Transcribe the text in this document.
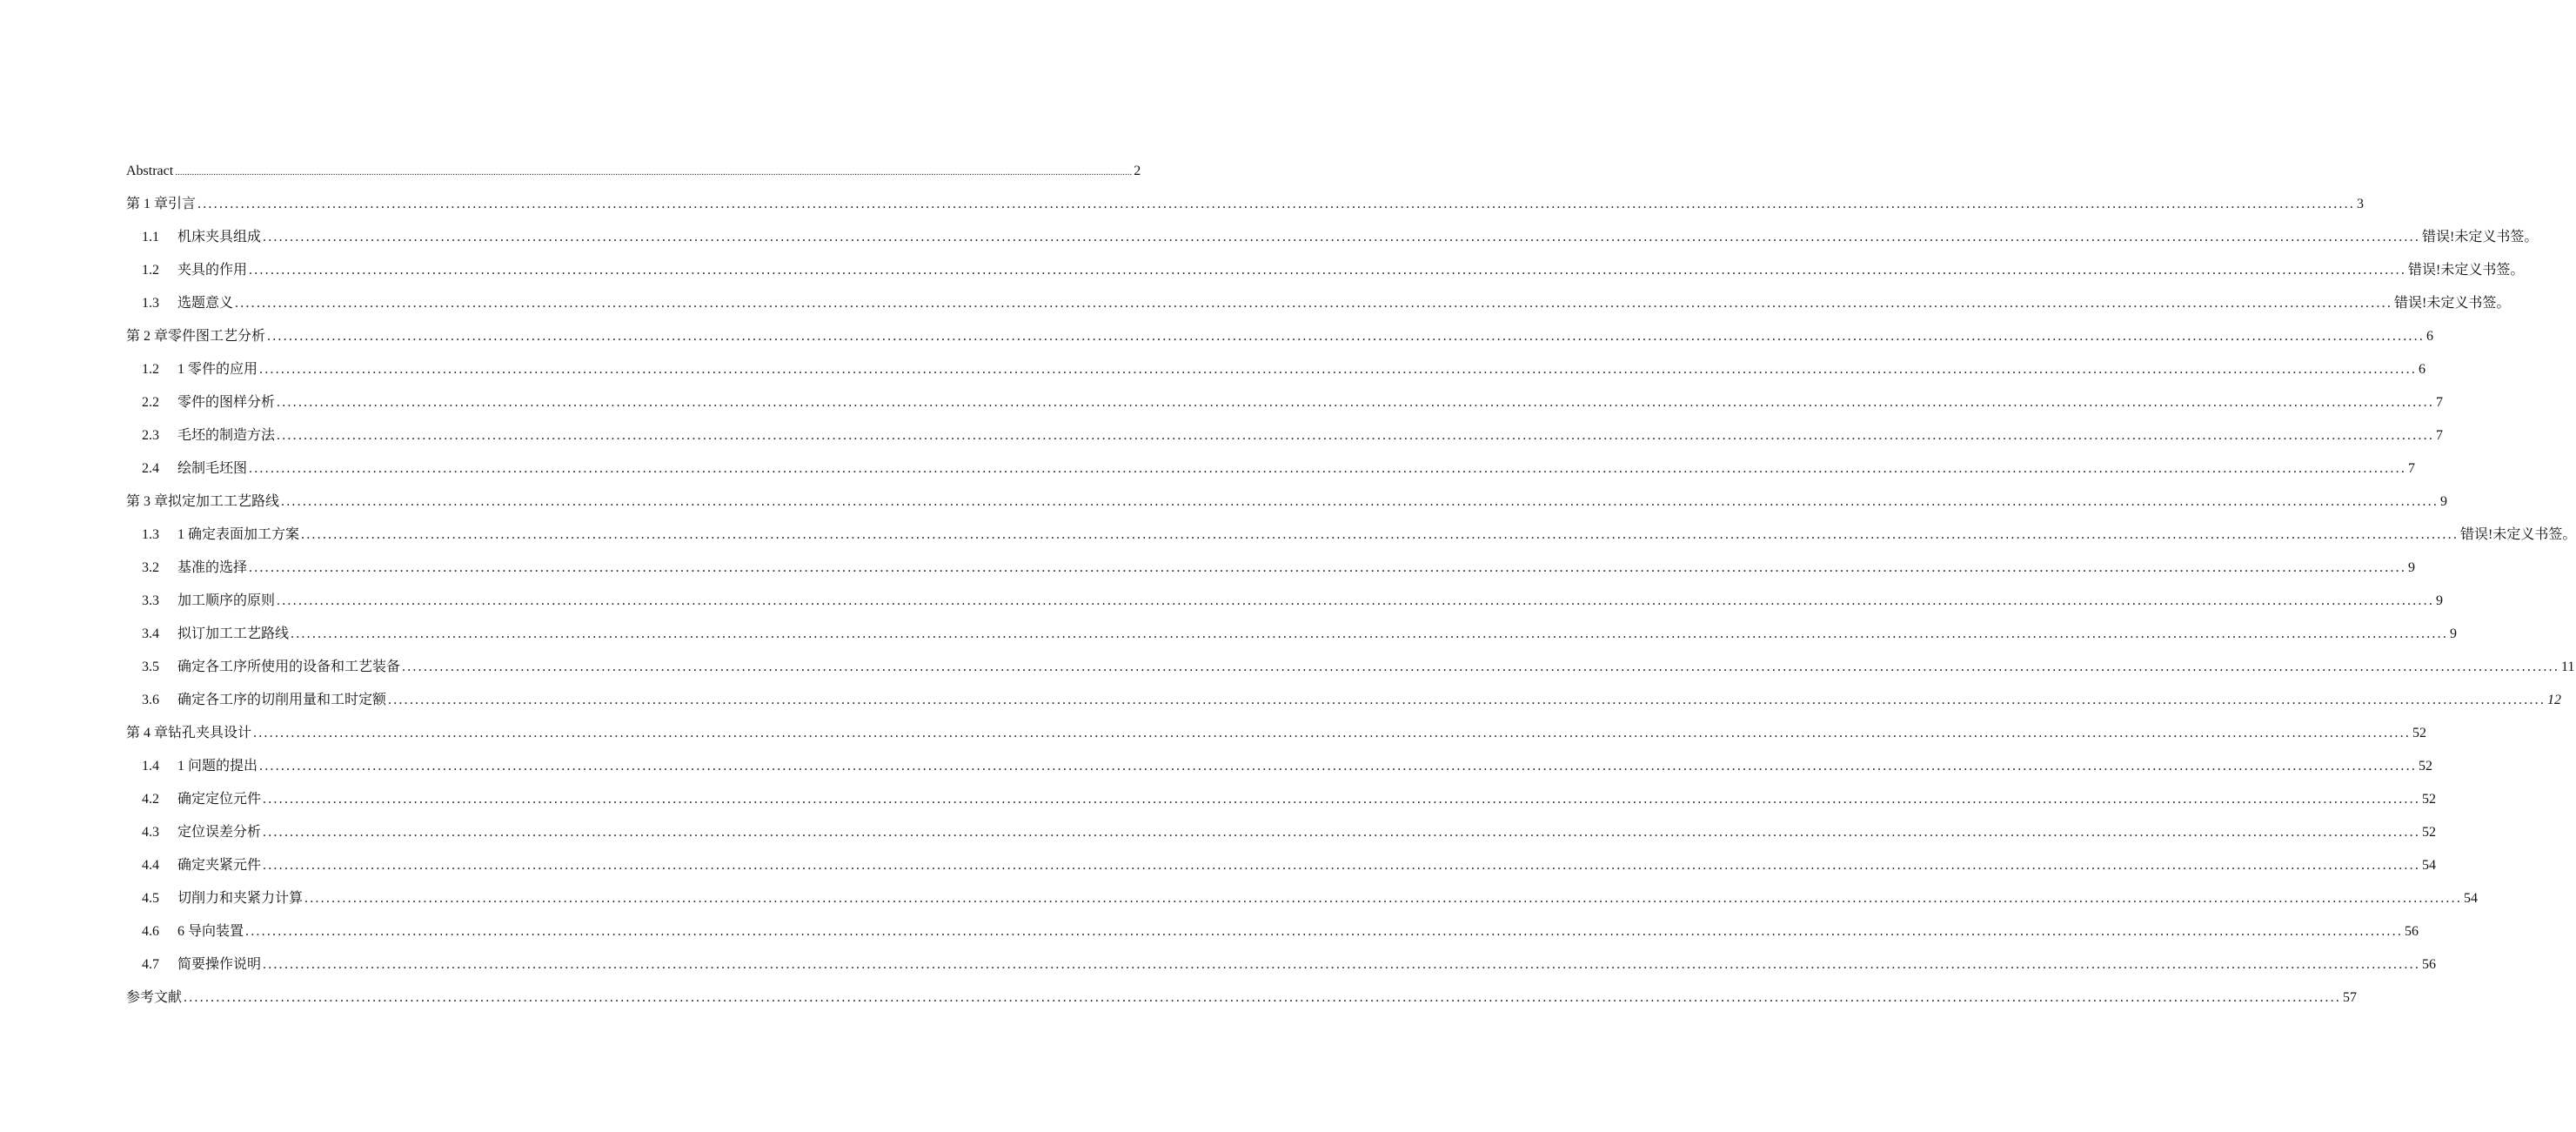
Abstract ................................................................................................................................................................................................................................................................................................................................................................................................................ 2
第 1 章引言 ................................................................................................................................................................................................................................................................................................................................................................................................................ 3
1.1	机床夹具组成 ................................................................................................................................................................................................................................................................................................................................................................................................................ 错误!未定义书签。
1.2	夹具的作用 ................................................................................................................................................................................................................................................................................................................................................................................................................ 错误!未定义书签。
1.3	选题意义 ................................................................................................................................................................................................................................................................................................................................................................................................................ 错误!未定义书签。
第 2 章零件图工艺分析 ................................................................................................................................................................................................................................................................................................................................................................................................................ 6
1.2	1 零件的应用 ................................................................................................................................................................................................................................................................................................................................................................................................................ 6
2.2	零件的图样分析 ................................................................................................................................................................................................................................................................................................................................................................................................................ 7
2.3	毛坯的制造方法 ................................................................................................................................................................................................................................................................................................................................................................................................................ 7
2.4	绘制毛坯图 ................................................................................................................................................................................................................................................................................................................................................................................................................ 7
第 3 章拟定加工工艺路线 ................................................................................................................................................................................................................................................................................................................................................................................................................ 9
1.3	1 确定表面加工方案 ................................................................................................................................................................................................................................................................................................................................................................................................................ 错误!未定义书签。
3.2	基准的选择 ................................................................................................................................................................................................................................................................................................................................................................................................................ 9
3.3	加工顺序的原则 ................................................................................................................................................................................................................................................................................................................................................................................................................ 9
3.4	拟订加工工艺路线 ................................................................................................................................................................................................................................................................................................................................................................................................................ 9
3.5	确定各工序所使用的设备和工艺装备 ................................................................................................................................................................................................................................................................................................................................................................................................................ 11
3.6	确定各工序的切削用量和工时定额 ................................................................................................................................................................................................................................................................................................................................................................................................................ 12
第 4 章钻孔夹具设计 ................................................................................................................................................................................................................................................................................................................................................................................................................ 52
1.4	1 问题的提出 ................................................................................................................................................................................................................................................................................................................................................................................................................ 52
4.2	确定定位元件 ................................................................................................................................................................................................................................................................................................................................................................................................................ 52
4.3	定位误差分析 ................................................................................................................................................................................................................................................................................................................................................................................................................ 52
4.4	确定夹紧元件 ................................................................................................................................................................................................................................................................................................................................................................................................................ 54
4.5	切削力和夹紧力计算 ................................................................................................................................................................................................................................................................................................................................................................................................................ 54
4.6	6 导向装置 ................................................................................................................................................................................................................................................................................................................................................................................................................ 56
4.7	简要操作说明 ................................................................................................................................................................................................................................................................................................................................................................................................................ 56
参考文献 ................................................................................................................................................................................................................................................................................................................................................................................................................ 57
